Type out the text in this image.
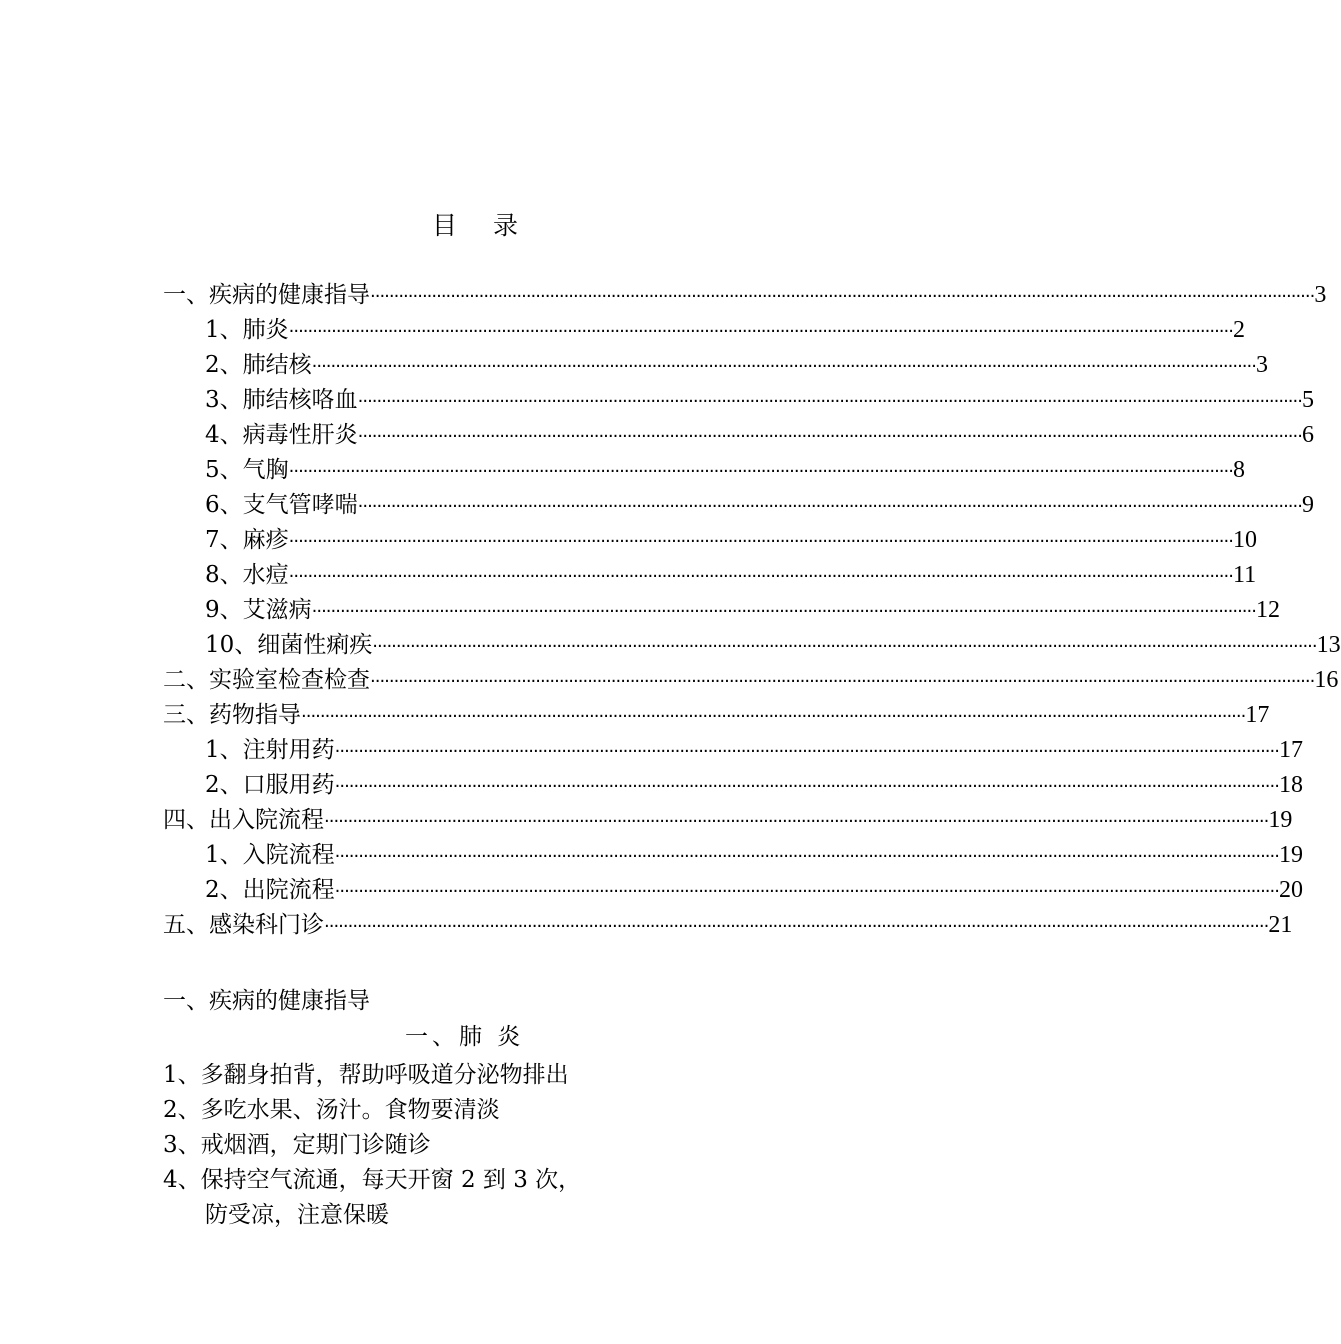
目 录
一、疾病的健康指导 ········································································································································································································ 3
1、肺炎 ········································································································································································································ 2
2、肺结核 ········································································································································································································ 3
3、肺结核咯血 ········································································································································································································ 5
4、病毒性肝炎 ········································································································································································································ 6
5、气胸 ········································································································································································································ 8
6、支气管哮喘 ········································································································································································································ 9
7、麻疹 ········································································································································································································ 10
8、水痘 ········································································································································································································ 11
9、艾滋病 ········································································································································································································ 12
10、细菌性痢疾 ········································································································································································································ 13
二、实验室检查检查 ········································································································································································································ 16
三、药物指导 ········································································································································································································ 17
1、注射用药 ········································································································································································································ 17
2、口服用药 ········································································································································································································ 18
四、出入院流程 ········································································································································································································ 19
1、入院流程 ········································································································································································································ 19
2、出院流程 ········································································································································································································ 20
五、感染科门诊 ········································································································································································································ 21
一、疾病的健康指导
一、肺 炎
1、多翻身拍背，帮助呼吸道分泌物排出
2、多吃水果、汤汁。食物要清淡
3、戒烟酒，定期门诊随诊
4、保持空气流通，每天开窗 2 到 3 次，
防受凉，注意保暖
